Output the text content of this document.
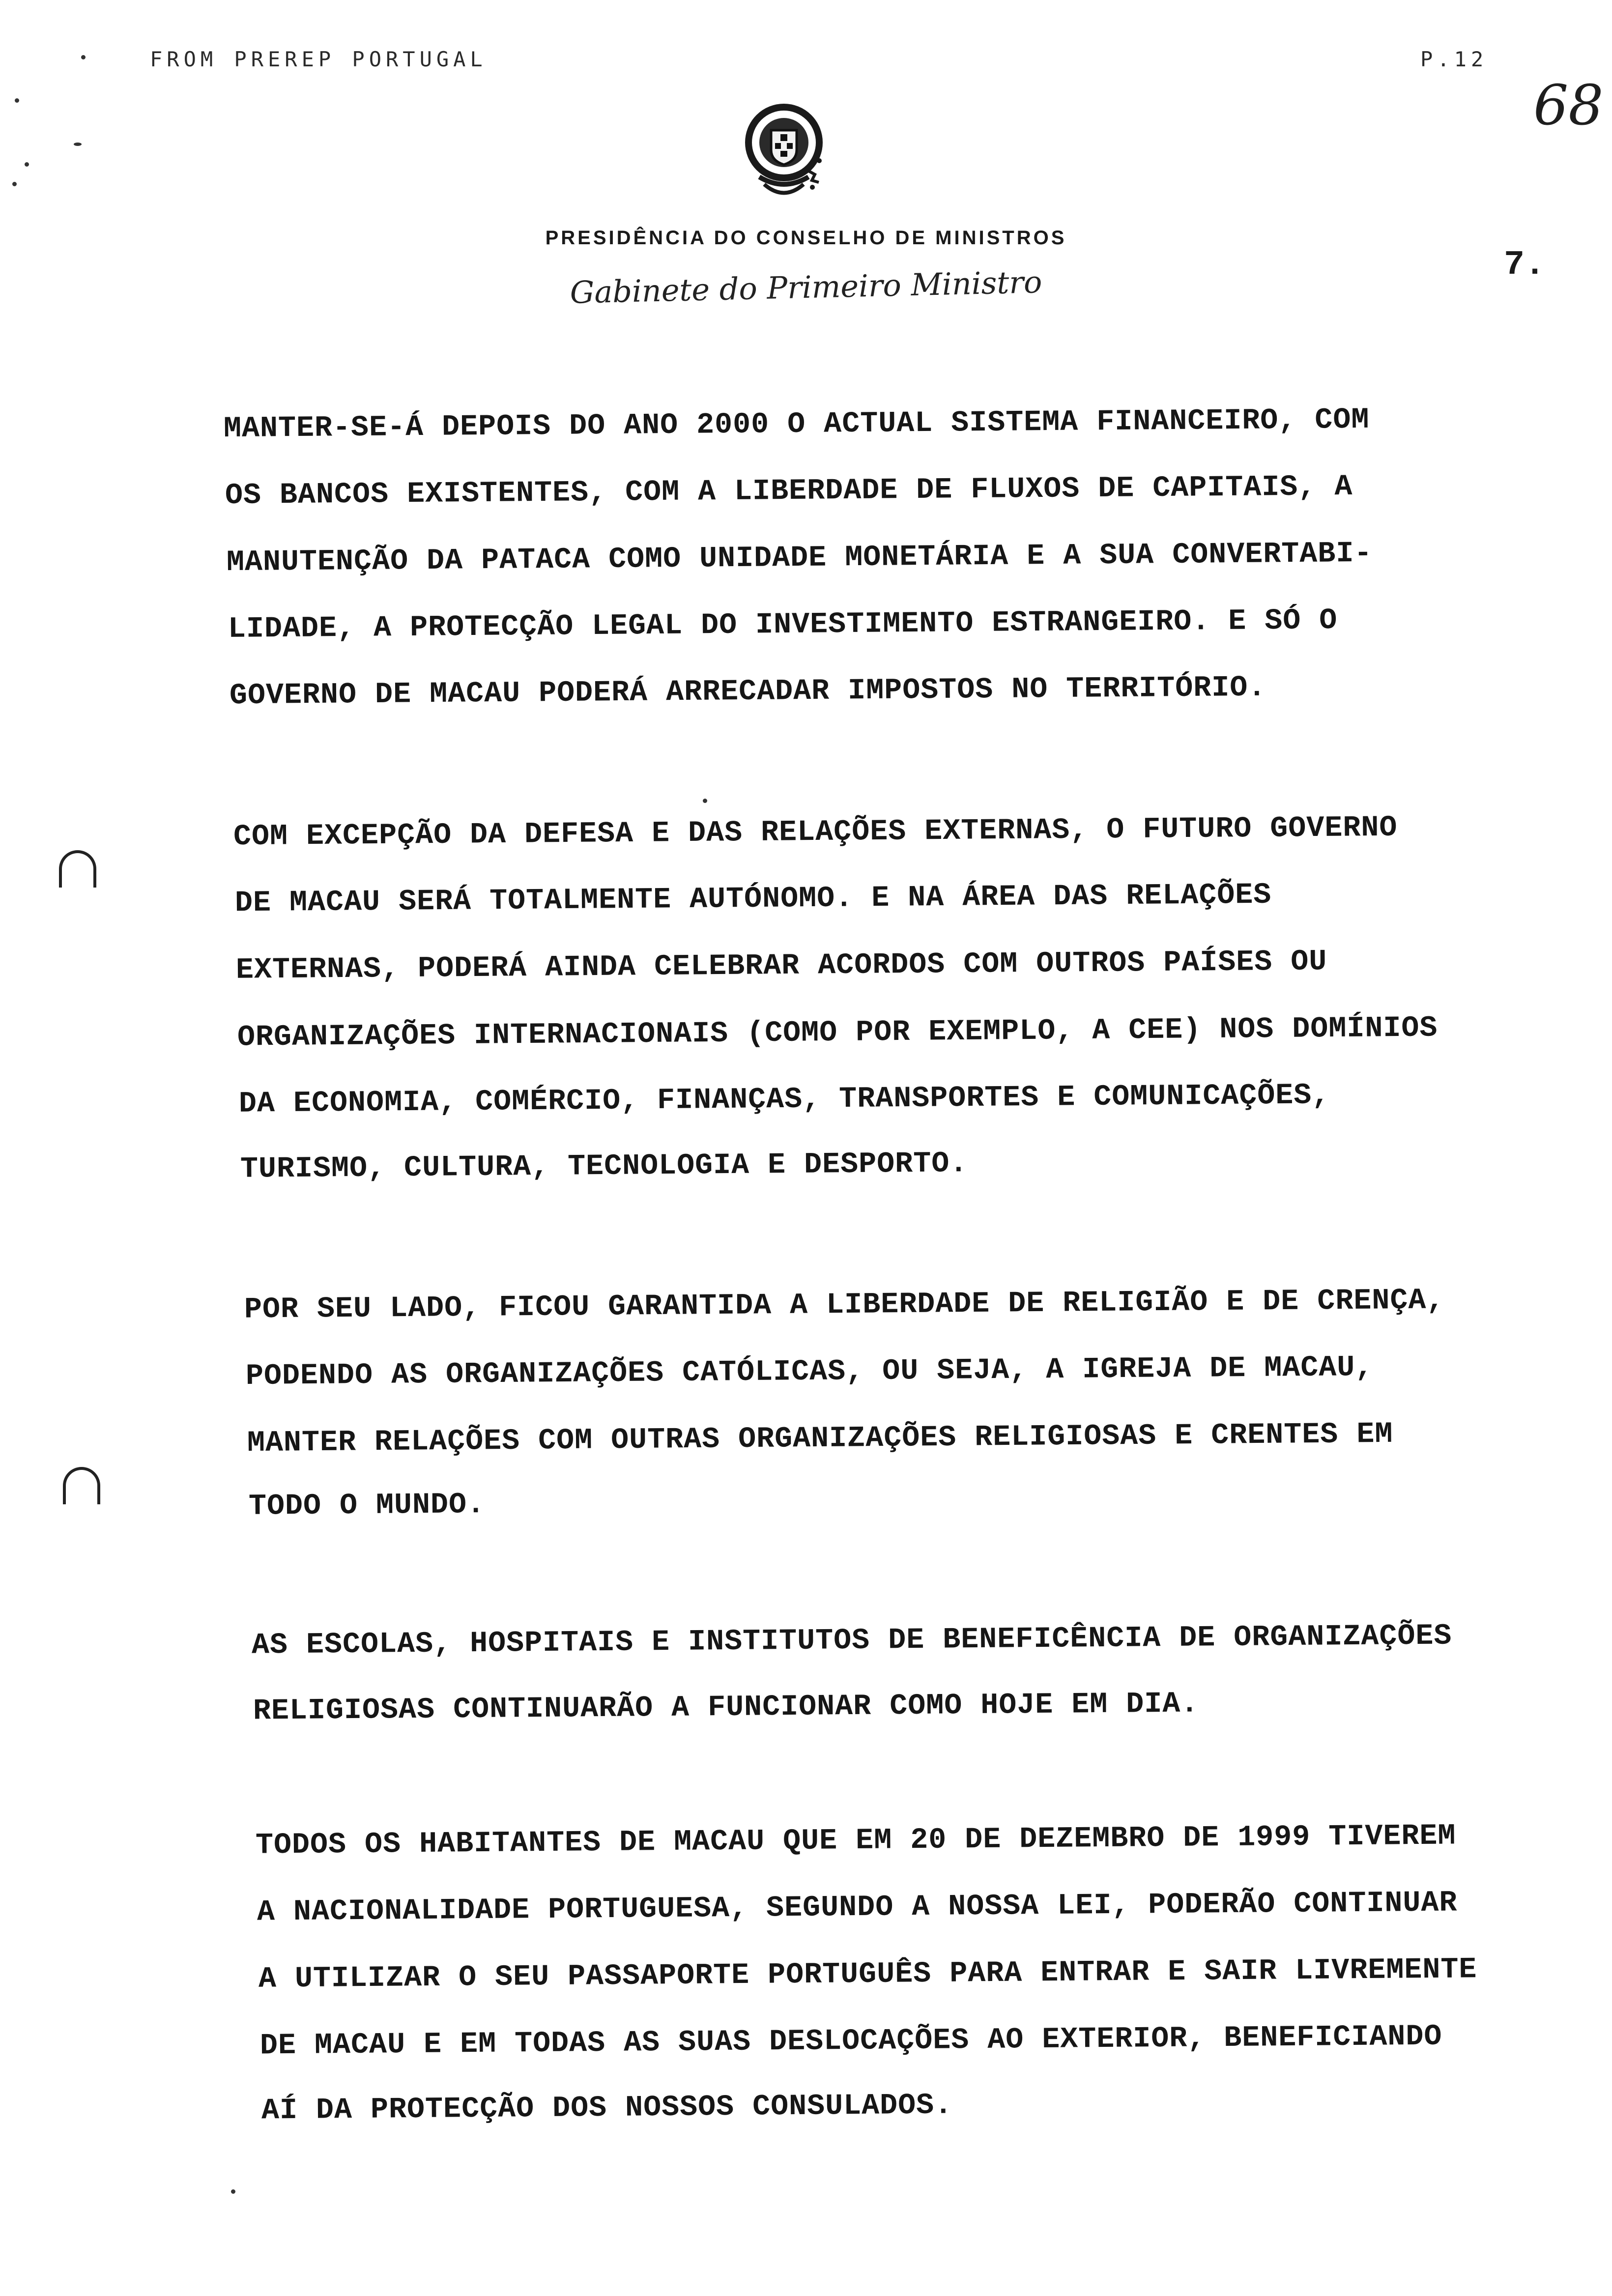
FROM PREREP PORTUGAL	P.12
68
7.
PRESIDÊNCIA DO CONSELHO DE MINISTROS
Gabinete do Primeiro Ministro
MANTER-SE-Á DEPOIS DO ANO 2000 O ACTUAL SISTEMA FINANCEIRO, COM
OS BANCOS EXISTENTES, COM A LIBERDADE DE FLUXOS DE CAPITAIS, A
MANUTENÇÃO DA PATACA COMO UNIDADE MONETÁRIA E A SUA CONVERTABI-
LIDADE, A PROTECÇÃO LEGAL DO INVESTIMENTO ESTRANGEIRO. E SÓ O
GOVERNO DE MACAU PODERÁ ARRECADAR IMPOSTOS NO TERRITÓRIO.
COM EXCEPÇÃO DA DEFESA E DAS RELAÇÕES EXTERNAS, O FUTURO GOVERNO
DE MACAU SERÁ TOTALMENTE AUTÓNOMO. E NA ÁREA DAS RELAÇÕES
EXTERNAS, PODERÁ AINDA CELEBRAR ACORDOS COM OUTROS PAÍSES OU
ORGANIZAÇÕES INTERNACIONAIS (COMO POR EXEMPLO, A CEE) NOS DOMÍNIOS
DA ECONOMIA, COMÉRCIO, FINANÇAS, TRANSPORTES E COMUNICAÇÕES,
TURISMO, CULTURA, TECNOLOGIA E DESPORTO.
POR SEU LADO, FICOU GARANTIDA A LIBERDADE DE RELIGIÃO E DE CRENÇA,
PODENDO AS ORGANIZAÇÕES CATÓLICAS, OU SEJA, A IGREJA DE MACAU,
MANTER RELAÇÕES COM OUTRAS ORGANIZAÇÕES RELIGIOSAS E CRENTES EM
TODO O MUNDO.
AS ESCOLAS, HOSPITAIS E INSTITUTOS DE BENEFICÊNCIA DE ORGANIZAÇÕES
RELIGIOSAS CONTINUARÃO A FUNCIONAR COMO HOJE EM DIA.
TODOS OS HABITANTES DE MACAU QUE EM 20 DE DEZEMBRO DE 1999 TIVEREM
A NACIONALIDADE PORTUGUESA, SEGUNDO A NOSSA LEI, PODERÃO CONTINUAR
A UTILIZAR O SEU PASSAPORTE PORTUGUÊS PARA ENTRAR E SAIR LIVREMENTE
DE MACAU E EM TODAS AS SUAS DESLOCAÇÕES AO EXTERIOR, BENEFICIANDO
AÍ DA PROTECÇÃO DOS NOSSOS CONSULADOS.
